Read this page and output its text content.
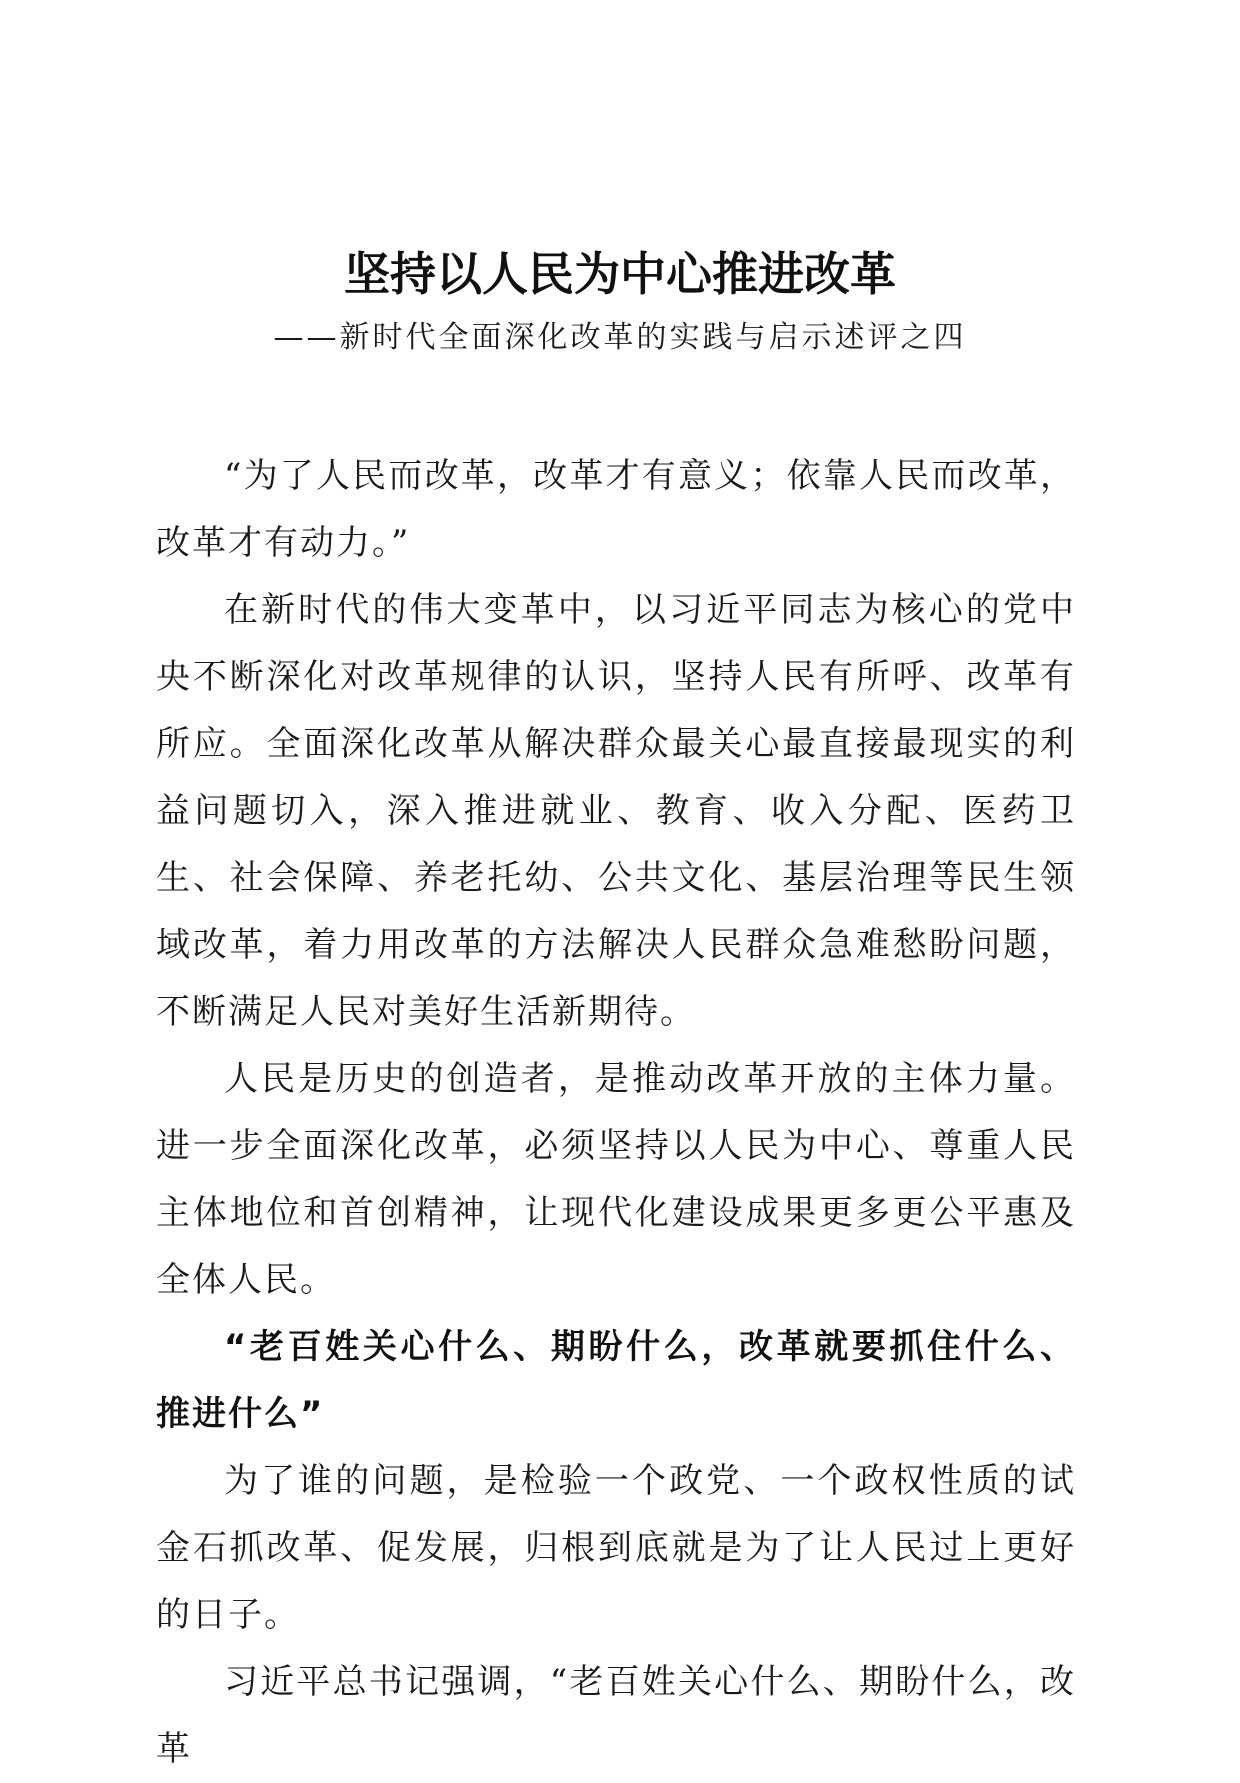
坚持以人民为中心推进改革
——新时代全面深化改革的实践与启示述评之四

“为了人民而改革，改革才有意义；依靠人民而改革，改革才有动力。”

在新时代的伟大变革中，以习近平同志为核心的党中央不断深化对改革规律的认识，坚持人民有所呼、改革有所应。全面深化改革从解决群众最关心最直接最现实的利益问题切入，深入推进就业、教育、收入分配、医药卫生、社会保障、养老托幼、公共文化、基层治理等民生领域改革，着力用改革的方法解决人民群众急难愁盼问题，不断满足人民对美好生活新期待。

人民是历史的创造者，是推动改革开放的主体力量。进一步全面深化改革，必须坚持以人民为中心、尊重人民主体地位和首创精神，让现代化建设成果更多更公平惠及全体人民。

“老百姓关心什么、期盼什么，改革就要抓住什么、推进什么”

为了谁的问题，是检验一个政党、一个政权性质的试金石抓改革、促发展，归根到底就是为了让人民过上更好的日子。

习近平总书记强调，“老百姓关心什么、期盼什么，改革
